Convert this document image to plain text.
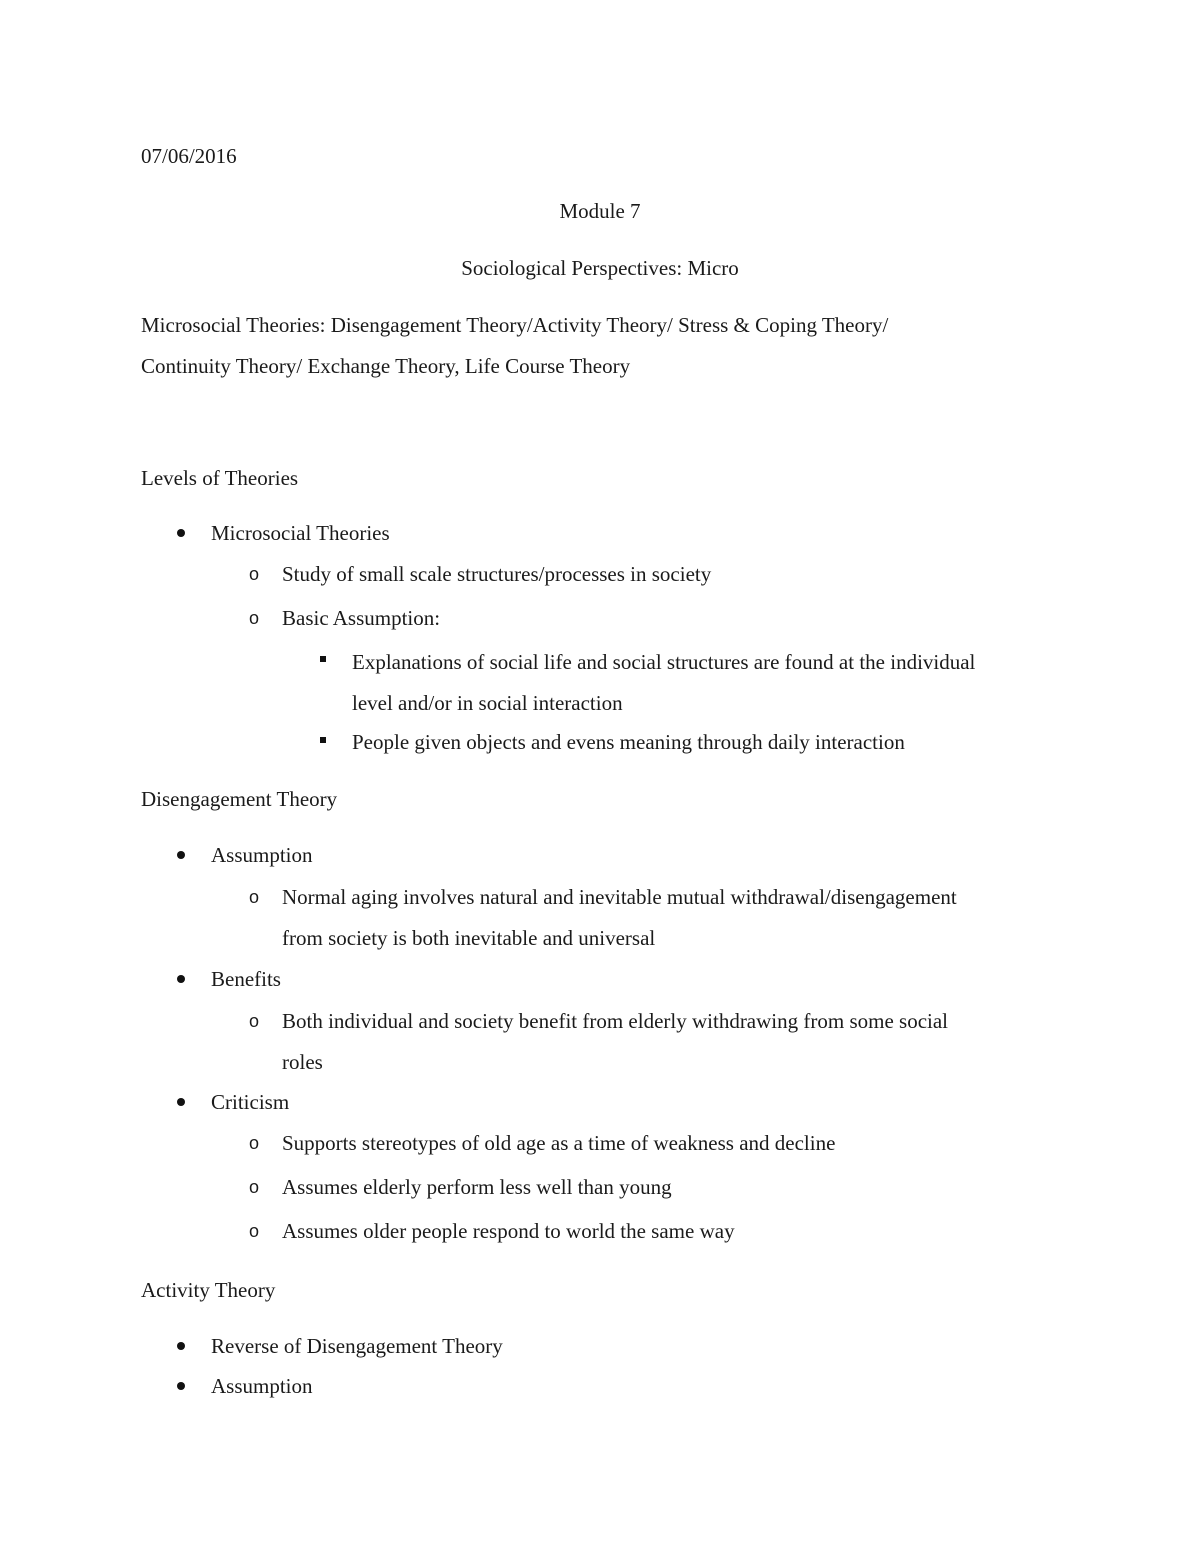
07/06/2016
Module 7
Sociological Perspectives: Micro
Microsocial Theories: Disengagement Theory/Activity Theory/ Stress & Coping Theory/
Continuity Theory/ Exchange Theory, Life Course Theory
Levels of Theories
Microsocial Theories
o Study of small scale structures/processes in society
o Basic Assumption:
Explanations of social life and social structures are found at the individual
level and/or in social interaction
People given objects and evens meaning through daily interaction
Disengagement Theory
Assumption
o Normal aging involves natural and inevitable mutual withdrawal/disengagement
from society is both inevitable and universal
Benefits
o Both individual and society benefit from elderly withdrawing from some social
roles
Criticism
o Supports stereotypes of old age as a time of weakness and decline
o Assumes elderly perform less well than young
o Assumes older people respond to world the same way
Activity Theory
Reverse of Disengagement Theory
Assumption
